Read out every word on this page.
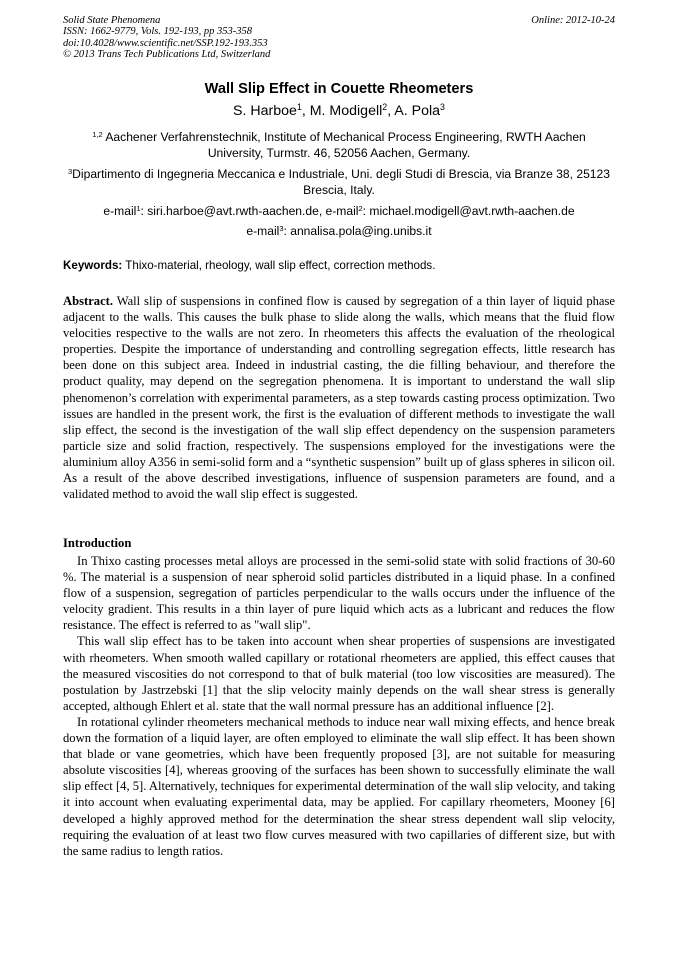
Solid State Phenomena
ISSN: 1662-9779, Vols. 192-193, pp 353-358
doi:10.4028/www.scientific.net/SSP.192-193.353
© 2013 Trans Tech Publications Ltd, Switzerland
Online: 2012-10-24
Wall Slip Effect in Couette Rheometers
S. Harboe$^1$, M. Modigell$^2$, A. Pola$^3$
$^{1,2}$ Aachener Verfahrenstechnik, Institute of Mechanical Process Engineering, RWTH Aachen University, Turmstr. 46, 52056 Aachen, Germany.
$^3$Dipartimento di Ingegneria Meccanica e Industriale, Uni. degli Studi di Brescia, via Branze 38, 25123 Brescia, Italy.
e-mail$^1$: siri.harboe@avt.rwth-aachen.de, e-mail$^2$: michael.modigell@avt.rwth-aachen.de
e-mail$^3$: annalisa.pola@ing.unibs.it
Keywords: Thixo-material, rheology, wall slip effect, correction methods.

Abstract. Wall slip of suspensions in confined flow is caused by segregation of a thin layer of liquid phase adjacent to the walls. This causes the bulk phase to slide along the walls, which means that the fluid flow velocities respective to the walls are not zero. In rheometers this affects the evaluation of the rheological properties. Despite the importance of understanding and controlling segregation effects, little research has been done on this subject area. Indeed in industrial casting, the die filling behaviour, and therefore the product quality, may depend on the segregation phenomena. It is important to understand the wall slip phenomenon’s correlation with experimental parameters, as a step towards casting process optimization. Two issues are handled in the present work, the first is the evaluation of different methods to investigate the wall slip effect, the second is the investigation of the wall slip effect dependency on the suspension parameters particle size and solid fraction, respectively. The suspensions employed for the investigations were the aluminium alloy A356 in semi-solid form and a “synthetic suspension” built up of glass spheres in silicon oil. As a result of the above described investigations, influence of suspension parameters are found, and a validated method to avoid the wall slip effect is suggested.

Introduction

In Thixo casting processes metal alloys are processed in the semi-solid state with solid fractions of 30-60 %. The material is a suspension of near spheroid solid particles distributed in a liquid phase. In a confined flow of a suspension, segregation of particles perpendicular to the walls occurs under the influence of the velocity gradient. This results in a thin layer of pure liquid which acts as a lubricant and reduces the flow resistance. The effect is referred to as "wall slip".

This wall slip effect has to be taken into account when shear properties of suspensions are investigated with rheometers. When smooth walled capillary or rotational rheometers are applied, this effect causes that the measured viscosities do not correspond to that of bulk material (too low viscosities are measured). The postulation by Jastrzebski [1] that the slip velocity mainly depends on the wall shear stress is generally accepted, although Ehlert et al. state that the wall normal pressure has an additional influence [2].

In rotational cylinder rheometers mechanical methods to induce near wall mixing effects, and hence break down the formation of a liquid layer, are often employed to eliminate the wall slip effect. It has been shown that blade or vane geometries, which have been frequently proposed [3], are not suitable for measuring absolute viscosities [4], whereas grooving of the surfaces has been shown to successfully eliminate the wall slip effect [4, 5]. Alternatively, techniques for experimental determination of the wall slip velocity, and taking it into account when evaluating experimental data, may be applied. For capillary rheometers, Mooney [6] developed a highly approved method for the determination the shear stress dependent wall slip velocity, requiring the evaluation of at least two flow curves measured with two capillaries of different size, but with the same radius to length ratios.
